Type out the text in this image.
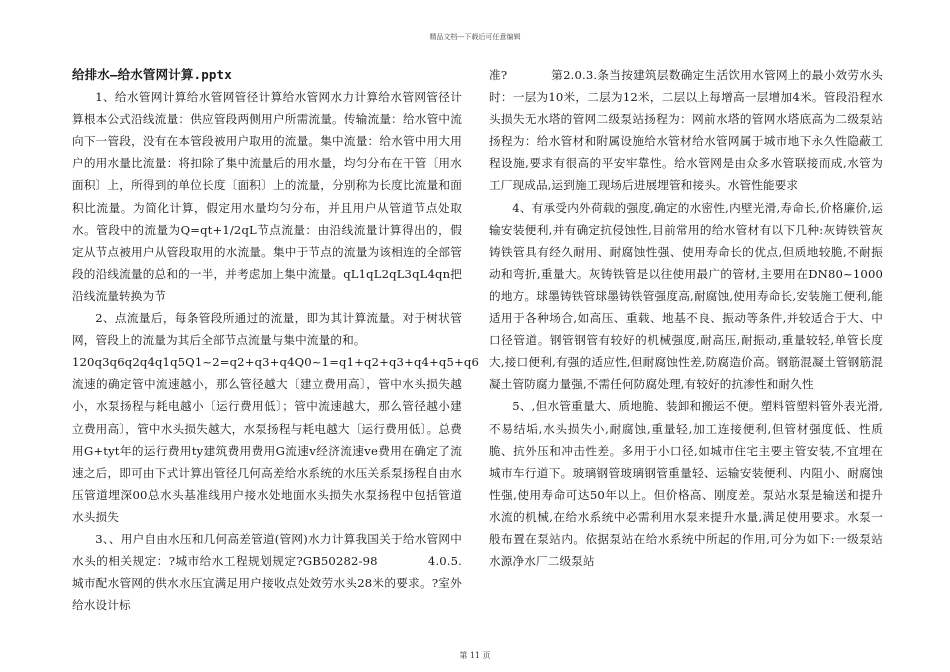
精品文档---下载后可任意编辑

给排水—给水管网计算.pptx

1、给水管网计算给水管网管径计算给水管网水力计算给水管网管径计算根本公式沿线流量：供应管段两侧用户所需流量。传输流量：给水管中流向下一管段，没有在本管段被用户取用的流量。集中流量：给水管中用大用户的用水量比流量：将扣除了集中流量后的用水量，均匀分布在干管〔用水面积〕上，所得到的单位长度〔面积〕上的流量，分别称为长度比流量和面积比流量。为简化计算，假定用水量均匀分布，并且用户从管道节点处取水。管段中的流量为Q=qt+1/2qL节点流量：由沿线流量计算得出的，假定从节点被用户从管段取用的水流量。集中于节点的流量为该相连的全部管段的沿线流量的总和的一半，并考虑加上集中流量。qL1qL2qL3qL4qn把沿线流量转换为节

2、点流量后，每条管段所通过的流量，即为其计算流量。对于树状管网，管段上的流量为其后全部节点流量与集中流量的和。

120q3q6q2q4q1q5Q1~2=q2+q3+q4Q0~1=q1+q2+q3+q4+q5+q6流速的确定管中流速越小，那么管径越大〔建立费用高〕，管中水头损失越小，水泵扬程与耗电越小〔运行费用低〕；管中流速越大，那么管径越小建立费用高〕，管中水头损失越大，水泵扬程与耗电越大〔运行费用低〕。总费用G+tyt年的运行费用ty建筑费用费用G流速v经济流速ve费用在确定了流速之后，即可由下式计算出管径几何高差给水系统的水压关系泵扬程自由水压管道埋深00总水头基准线用户接水处地面水头损失水泵扬程中包括管道水头损失

3、、用户自由水压和几何高差管道(管网)水力计算我国关于给水管网中水头的相关规定：?城市给水工程规划规定?GB50282-98            4.0.5.城市配水管网的供水水压宜满足用户接收点处效劳水头28米的要求。?室外给水设计标

准?           第2.0.3.条当按建筑层数确定生活饮用水管网上的最小效劳水头时：一层为10米，二层为12米，二层以上每增高一层增加4米。管段沿程水头损失无水塔的管网二级泵站扬程为：网前水塔的管网水塔底高为二级泵站扬程为：给水管材和附属设施给水管材给水管网属于城市地下永久性隐蔽工程设施,要求有很高的平安牢靠性。给水管网是由众多水管联接而成,水管为工厂现成品,运到施工现场后进展埋管和接头。水管性能要求

4、有承受内外荷载的强度,确定的水密性,内壁光滑,寿命长,价格廉价,运输安装便利,并有确定抗侵蚀性,目前常用的给水管材有以下几种:灰铸铁管灰铸铁管具有经久耐用、耐腐蚀性强、使用寿命长的优点,但质地较脆,不耐振动和弯折,重量大。灰铸铁管是以往使用最广的管材,主要用在DN80~1000的地方。球墨铸铁管球墨铸铁管强度高,耐腐蚀,使用寿命长,安装施工便利,能适用于各种场合,如高压、重载、地基不良、振动等条件,并较适合于大、中口径管道。钢管钢管有较好的机械强度,耐高压,耐振动,重量较轻,单管长度大,接口便利,有强的适应性,但耐腐蚀性差,防腐造价高。钢筋混凝土管钢筋混凝土管防腐力量强,不需任何防腐处理,有较好的抗渗性和耐久性

5、,但水管重量大、质地脆、装卸和搬运不便。塑料管塑料管外表光滑,不易结垢,水头损失小,耐腐蚀,重量轻,加工连接便利,但管材强度低、性质脆、抗外压和冲击性差。多用于小口径,如城市住宅主要主管安装,不宜埋在城市车行道下。玻璃钢管玻璃钢管重量轻、运输安装便利、内阻小、耐腐蚀性强,使用寿命可达50年以上。但价格高、刚度差。泵站水泵是输送和提升水流的机械,在给水系统中必需利用水泵来提升水量,满足使用要求。水泵一般布置在泵站内。依据泵站在给水系统中所起的作用,可分为如下:一级泵站水源净水厂二级泵站

第 11 页
